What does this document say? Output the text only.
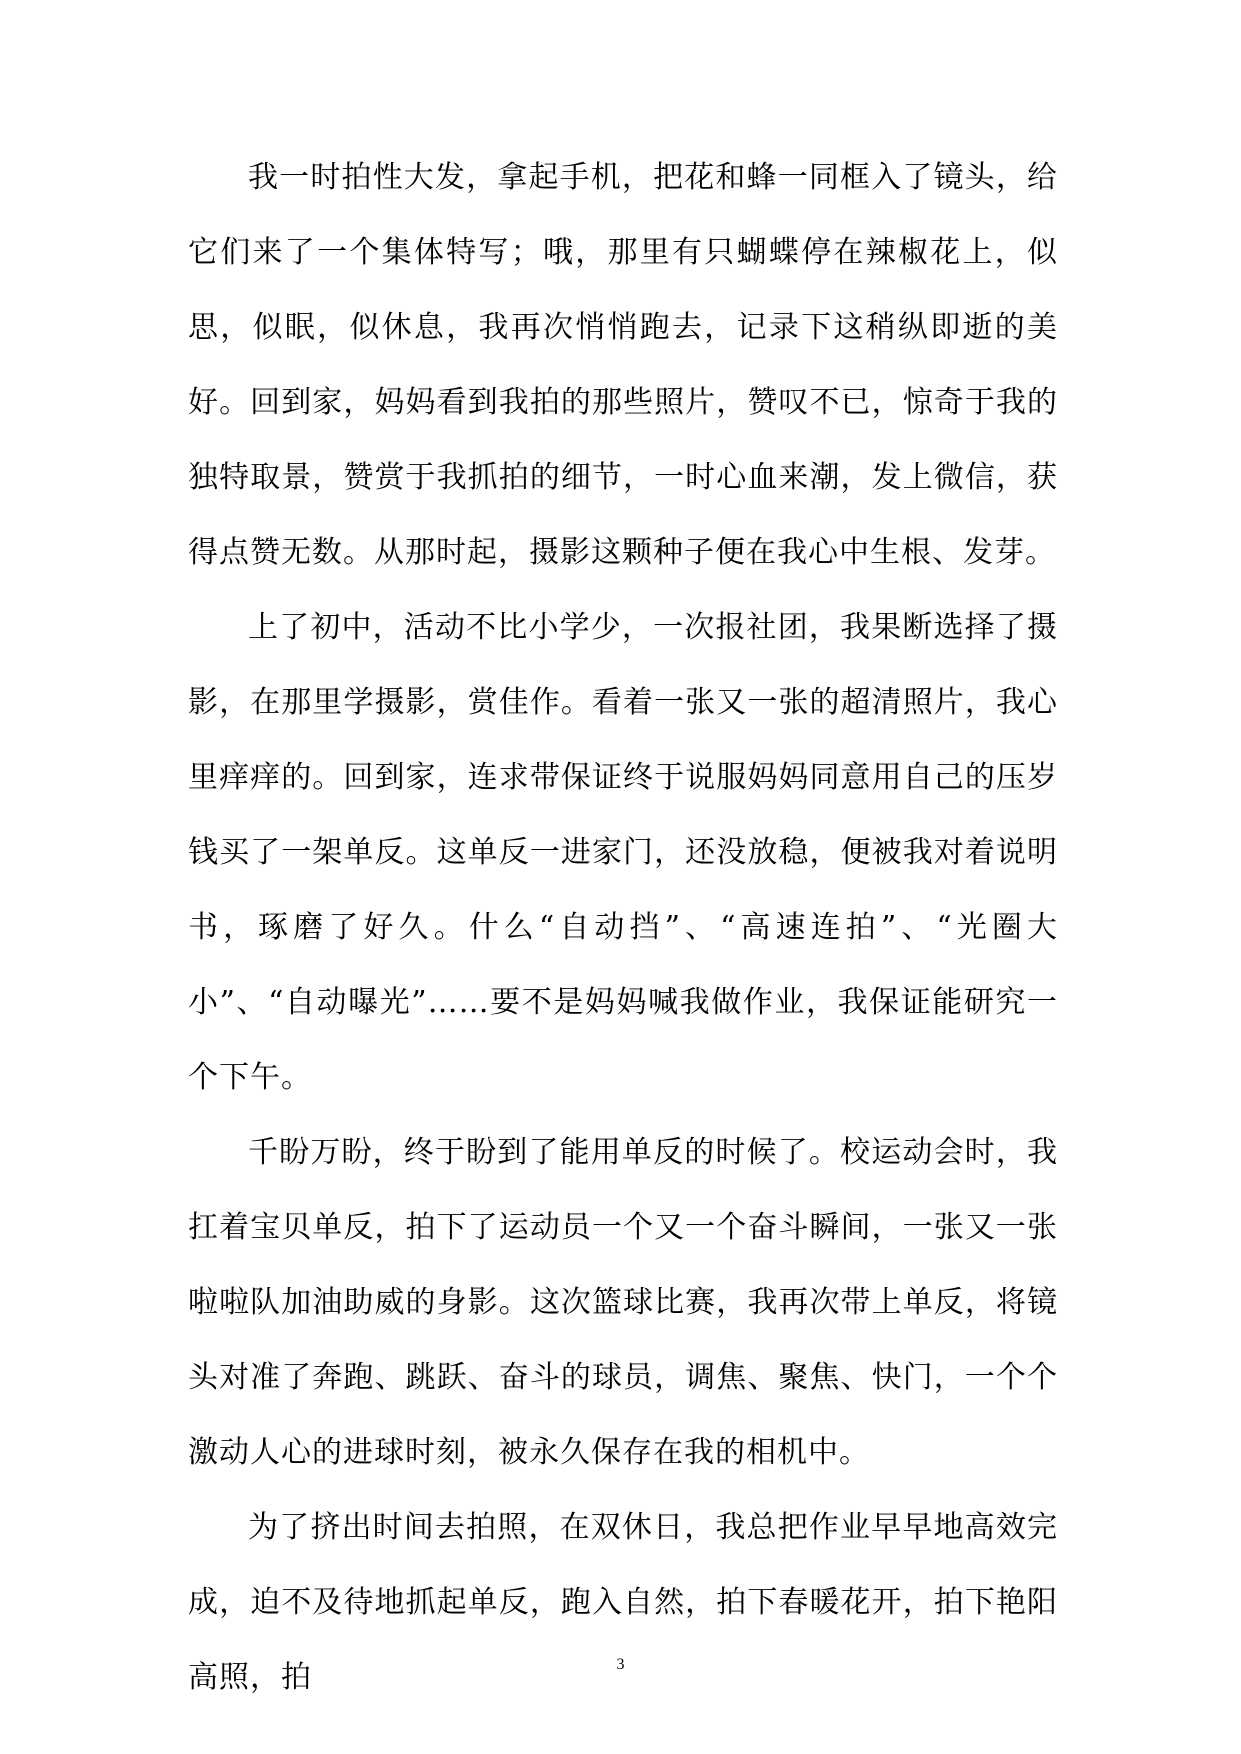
我一时拍性大发，拿起手机，把花和蜂一同框入了镜头，给它们来了一个集体特写；哦，那里有只蝴蝶停在辣椒花上，似思，似眠，似休息，我再次悄悄跑去，记录下这稍纵即逝的美好。回到家，妈妈看到我拍的那些照片，赞叹不已，惊奇于我的独特取景，赞赏于我抓拍的细节，一时心血来潮，发上微信，获得点赞无数。从那时起，摄影这颗种子便在我心中生根、发芽。

上了初中，活动不比小学少，一次报社团，我果断选择了摄影，在那里学摄影，赏佳作。看着一张又一张的超清照片，我心里痒痒的。回到家，连求带保证终于说服妈妈同意用自己的压岁钱买了一架单反。这单反一进家门，还没放稳，便被我对着说明书，琢磨了好久。什么“自动挡”、“高速连拍”、“光圈大小”、“自动曝光”……要不是妈妈喊我做作业，我保证能研究一个下午。

千盼万盼，终于盼到了能用单反的时候了。校运动会时，我扛着宝贝单反，拍下了运动员一个又一个奋斗瞬间，一张又一张啦啦队加油助威的身影。这次篮球比赛，我再次带上单反，将镜头对准了奔跑、跳跃、奋斗的球员，调焦、聚焦、快门，一个个激动人心的进球时刻，被永久保存在我的相机中。

为了挤出时间去拍照，在双休日，我总把作业早早地高效完成，迫不及待地抓起单反，跑入自然，拍下春暖花开，拍下艳阳高照，拍	3
